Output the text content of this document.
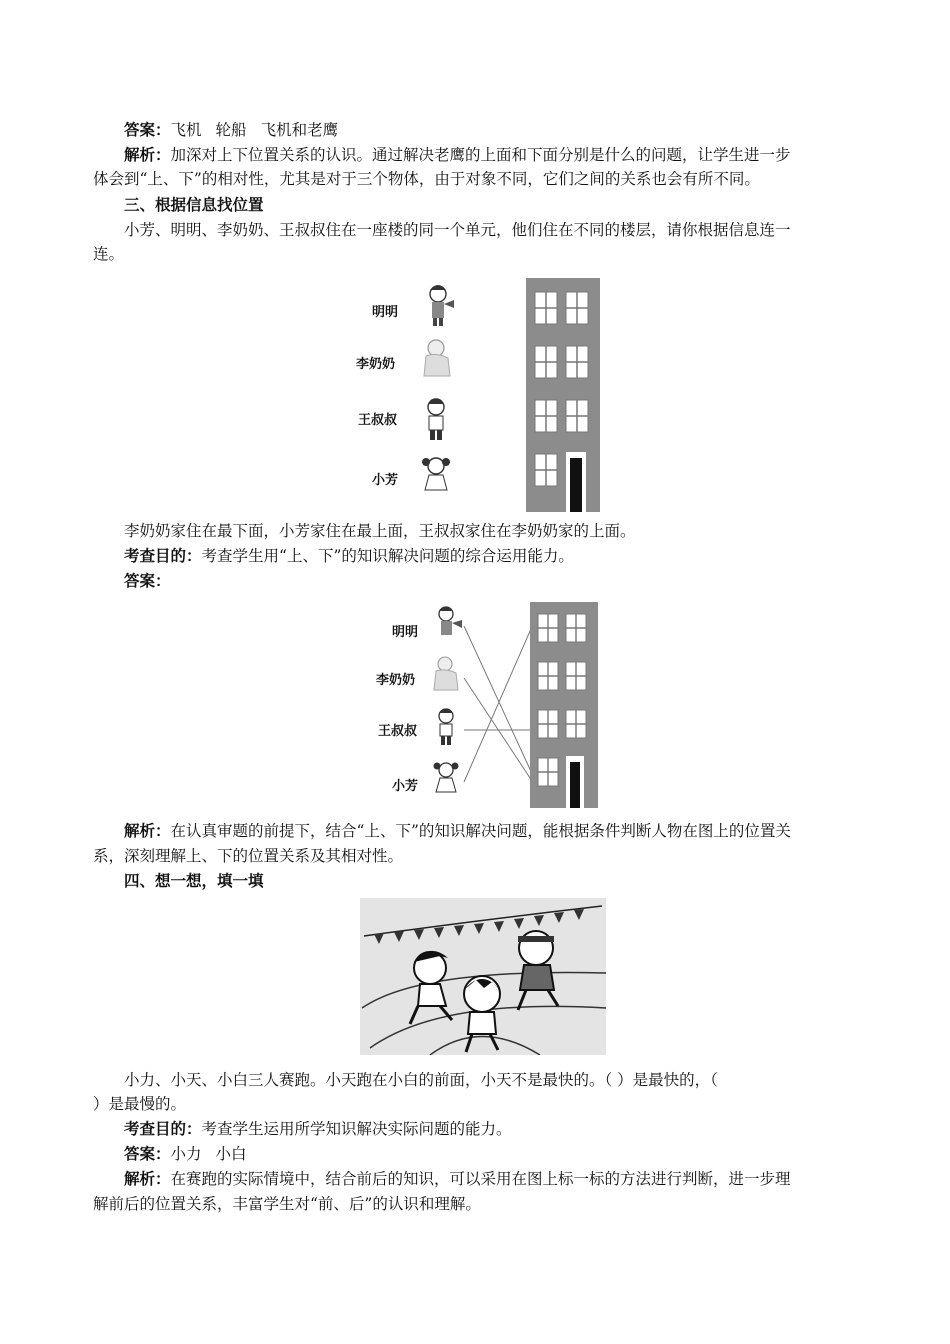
答案：飞机 轮船 飞机和老鹰
解析：加深对上下位置关系的认识。通过解决老鹰的上面和下面分别是什么的问题，让学生进一步
体会到“上、下”的相对性，尤其是对于三个物体，由于对象不同，它们之间的关系也会有所不同。
三、根据信息找位置
小芳、明明、李奶奶、王叔叔住在一座楼的同一个单元，他们住在不同的楼层，请你根据信息连一
连。
明明
李奶奶
王叔叔
小芳
李奶奶家住在最下面，小芳家住在最上面，王叔叔家住在李奶奶家的上面。
考查目的：考查学生用“上、下”的知识解决问题的综合运用能力。
答案：
明明
李奶奶
王叔叔
小芳
解析：在认真审题的前提下，结合“上、下”的知识解决问题，能根据条件判断人物在图上的位置关
系，深刻理解上、下的位置关系及其相对性。
四、想一想，填一填
小力、小天、小白三人赛跑。小天跑在小白的前面，小天不是最快的。（ ）是最快的，（
）是最慢的。
考查目的：考查学生运用所学知识解决实际问题的能力。
答案：小力 小白
解析：在赛跑的实际情境中，结合前后的知识，可以采用在图上标一标的方法进行判断，进一步理
解前后的位置关系，丰富学生对“前、后”的认识和理解。
